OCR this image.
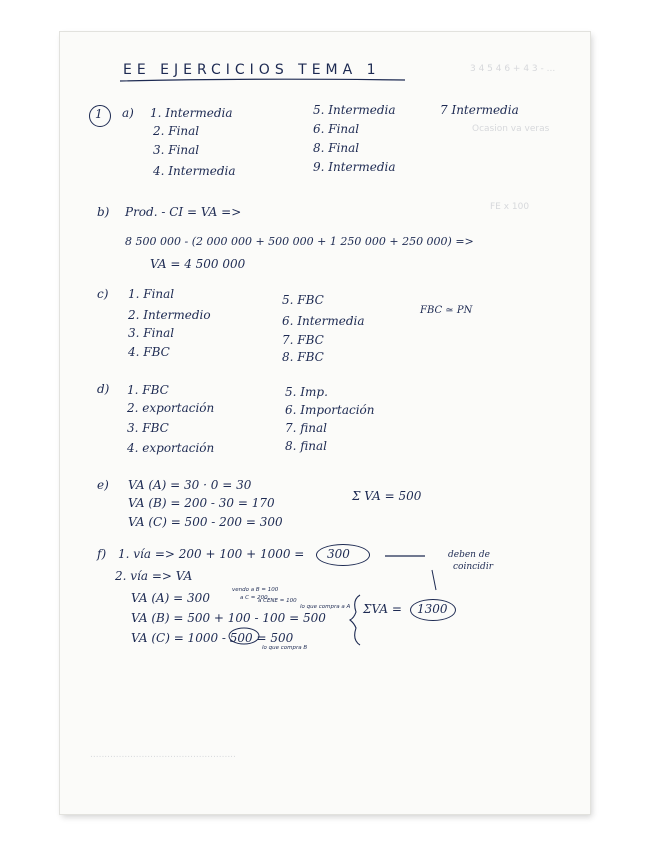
3 4 5 4 6 + 4 3 - ...
Ocasion va veras
FE x 100
...................................................
EE EJERCICIOS TEMA 1
1 a) 1. Intermedia
2. Final
3. Final
4. Intermedia
5. Intermedia
6. Final
8. Final
9. Intermedia
7 Intermedia
b) Prod. - CI = VA =>
8 500 000 - (2 000 000 + 500 000 + 1 250 000 + 250 000) =>
VA = 4 500 000
c) 1. Final
2. Intermedio
3. Final
4. FBC
5. FBC
6. Intermedia
7. FBC
8. FBC
FBC ≃ PN
d) 1. FBC
2. exportación
3. FBC
4. exportación
5. Imp.
6. Importación
7. final
8. final
e) VA (A) = 30 · 0 = 30
VA (B) = 200 - 30 = 170
VA (C) = 500 - 200 = 300
Σ VA = 500
f) 1. vía => 200 + 100 + 1000 = 300	deben de
coincidir
2. vía => VA
VA (A) = 300
VA (B) = 500 + 100 - 100 = 500
VA (C) = 1000 - 500 = 500
vendo a B = 100
a C = 200
a CENE = 100
lo que compra a A
lo que compra B
ΣVA = 1300
